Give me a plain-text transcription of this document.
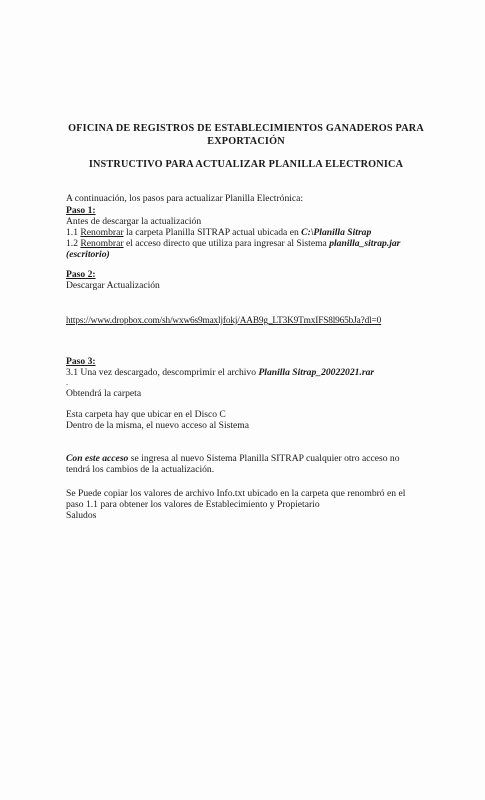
OFICINA DE REGISTROS DE ESTABLECIMIENTOS GANADEROS PARA
EXPORTACIÓN
INSTRUCTIVO PARA ACTUALIZAR PLANILLA ELECTRONICA
A continuación, los pasos para actualizar Planilla Electrónica:
Paso 1:
Antes de descargar la actualización
1.1 Renombrar la carpeta Planilla SITRAP actual ubicada en C:\Planilla Sitrap
1.2 Renombrar el acceso directo que utiliza para ingresar al Sistema planilla_sitrap.jar
(escritorio)
Paso 2:
Descargar Actualización
https://www.dropbox.com/sh/wxw6s9maxljfokj/AAB9g_LT3K9TmxIFS8l965bJa?dl=0
Paso 3:
3.1 Una vez descargado, descomprimir el archivo Planilla Sitrap_20022021.rar
.
Obtendrá la carpeta
Esta carpeta hay que ubicar en el Disco C
Dentro de la misma, el nuevo acceso al Sistema
Con este acceso se ingresa al nuevo Sistema Planilla SITRAP cualquier otro acceso no
tendrá los cambios de la actualización.
Se Puede copiar los valores de archivo Info.txt ubicado en la carpeta que renombró en el
paso 1.1 para obtener los valores de Establecimiento y Propietario
Saludos
